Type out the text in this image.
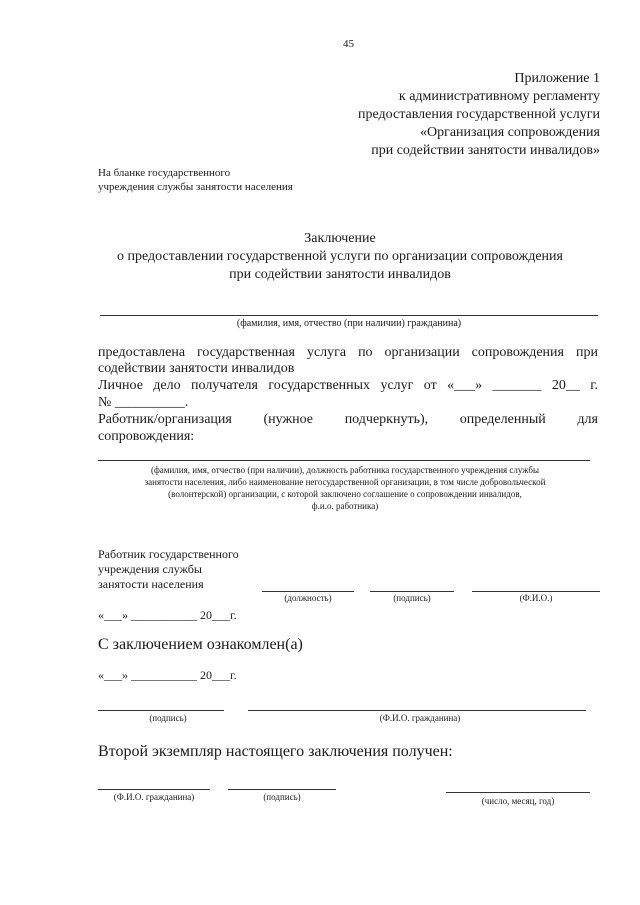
45
Приложение 1
к административному регламенту
предоставления государственной услуги
«Организация сопровождения
при содействии занятости инвалидов»
На бланке государственного
учреждения службы занятости населения
Заключение
о предоставлении государственной услуги по организации сопровождения
при содействии занятости инвалидов
(фамилия, имя, отчество (при наличии) гражданина)
предоставлена государственная услуга по организации сопровождения при
содействии занятости инвалидов
Личное дело получателя государственных услуг от «___» _______ 20__ г.
№ __________.
Работник/организация (нужное подчеркнуть), определенный для
сопровождения:
(фамилия, имя, отчество (при наличии), должность работника государственного учреждения службы
занятости населения, либо наименование негосударственной организации, в том числе добровольческой
(волонтерской) организации, с которой заключено соглашение о сопровождении инвалидов,
ф.и.о. работника)
Работник государственного
учреждения службы
занятости населения
(должность)	(подпись)	(Ф.И.О.)
«___» ___________ 20___г.
С заключением ознакомлен(а)
«___» ___________ 20___г.
(подпись)	(Ф.И.О. гражданина)
Второй экземпляр настоящего заключения получен:
(Ф.И.О. гражданина)	(подпись)	(число, месяц, год)
